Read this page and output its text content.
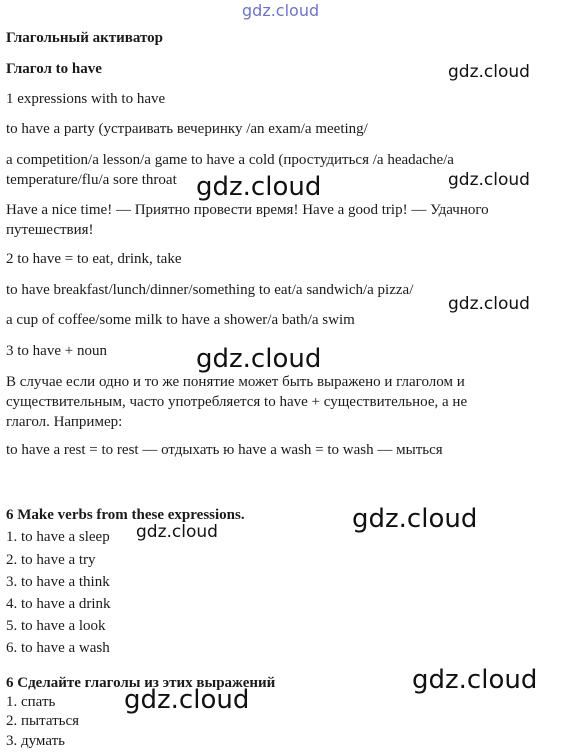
gdz.cloud
Глагольный активатор
Глагол to have
1 expressions with to have
to have a party (устраивать вечеринку /an exam/a meeting/
a competition/a lesson/a game to have a cold (простудиться /a headache/a
temperature/flu/a sore throat
Have a nice time! — Приятно провести время! Have a good trip! — Удачного
путешествия!
2 to have = to eat, drink, take
to have breakfast/lunch/dinner/something to eat/a sandwich/a pizza/
a cup of coffee/some milk to have a shower/a bath/a swim
3 to have + noun
В случае если одно и то же понятие может быть выражено и глаголом и
существительным, часто употребляется to have + существительное, а не
глагол. Например:
to have a rest = to rest — отдыхать ю have a wash = to wash — мыться
6 Make verbs from these expressions.
1. to have a sleep
2. to have a try
3. to have a think
4. to have a drink
5. to have a look
6. to have a wash
6 Сделайте глаголы из этих выражений
1. спать
2. пытаться
3. думать
gdz.cloud
gdz.cloud
gdz.cloud
gdz.cloud
gdz.cloud
gdz.cloud
gdz.cloud
gdz.cloud
gdz.cloud
